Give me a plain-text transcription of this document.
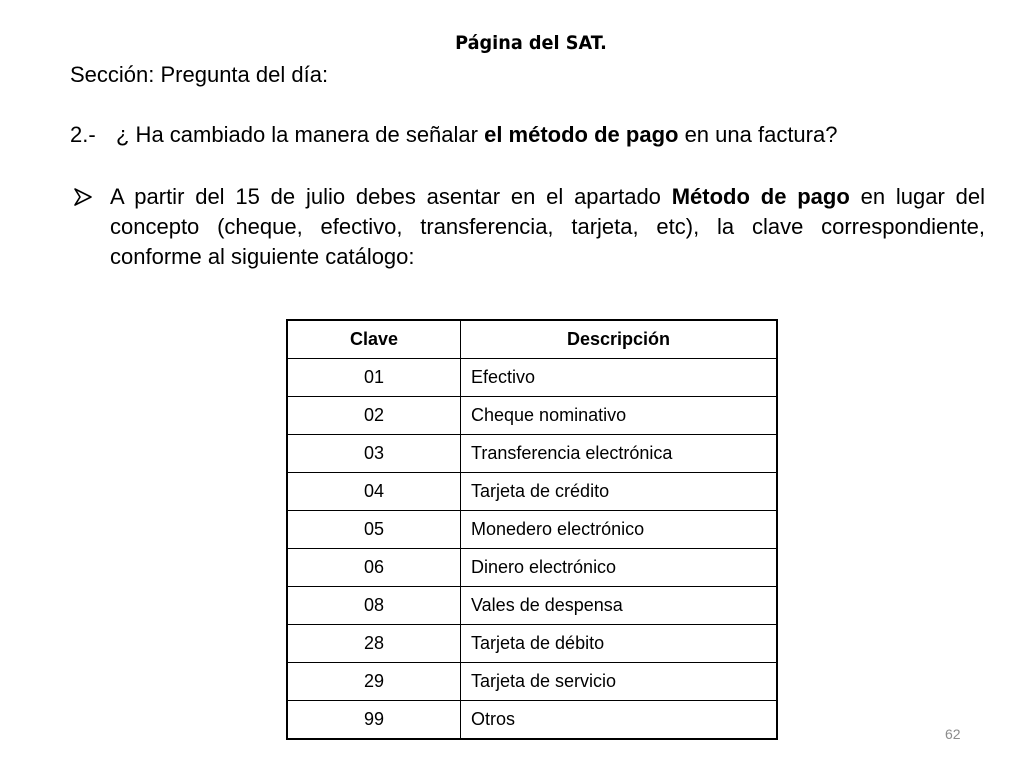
Página del SAT.
Sección: Pregunta del día:
2.- ¿ Ha cambiado la manera de señalar el método de pago en una factura?
A partir del 15 de julio debes asentar en el apartado Método de pago en lugar del concepto (cheque, efectivo, transferencia, tarjeta, etc), la clave correspondiente, conforme al siguiente catálogo:
Clave	Descripción
01	Efectivo
02	Cheque nominativo
03	Transferencia electrónica
04	Tarjeta de crédito
05	Monedero electrónico
06	Dinero electrónico
08	Vales de despensa
28	Tarjeta de débito
29	Tarjeta de servicio
99	Otros
62
